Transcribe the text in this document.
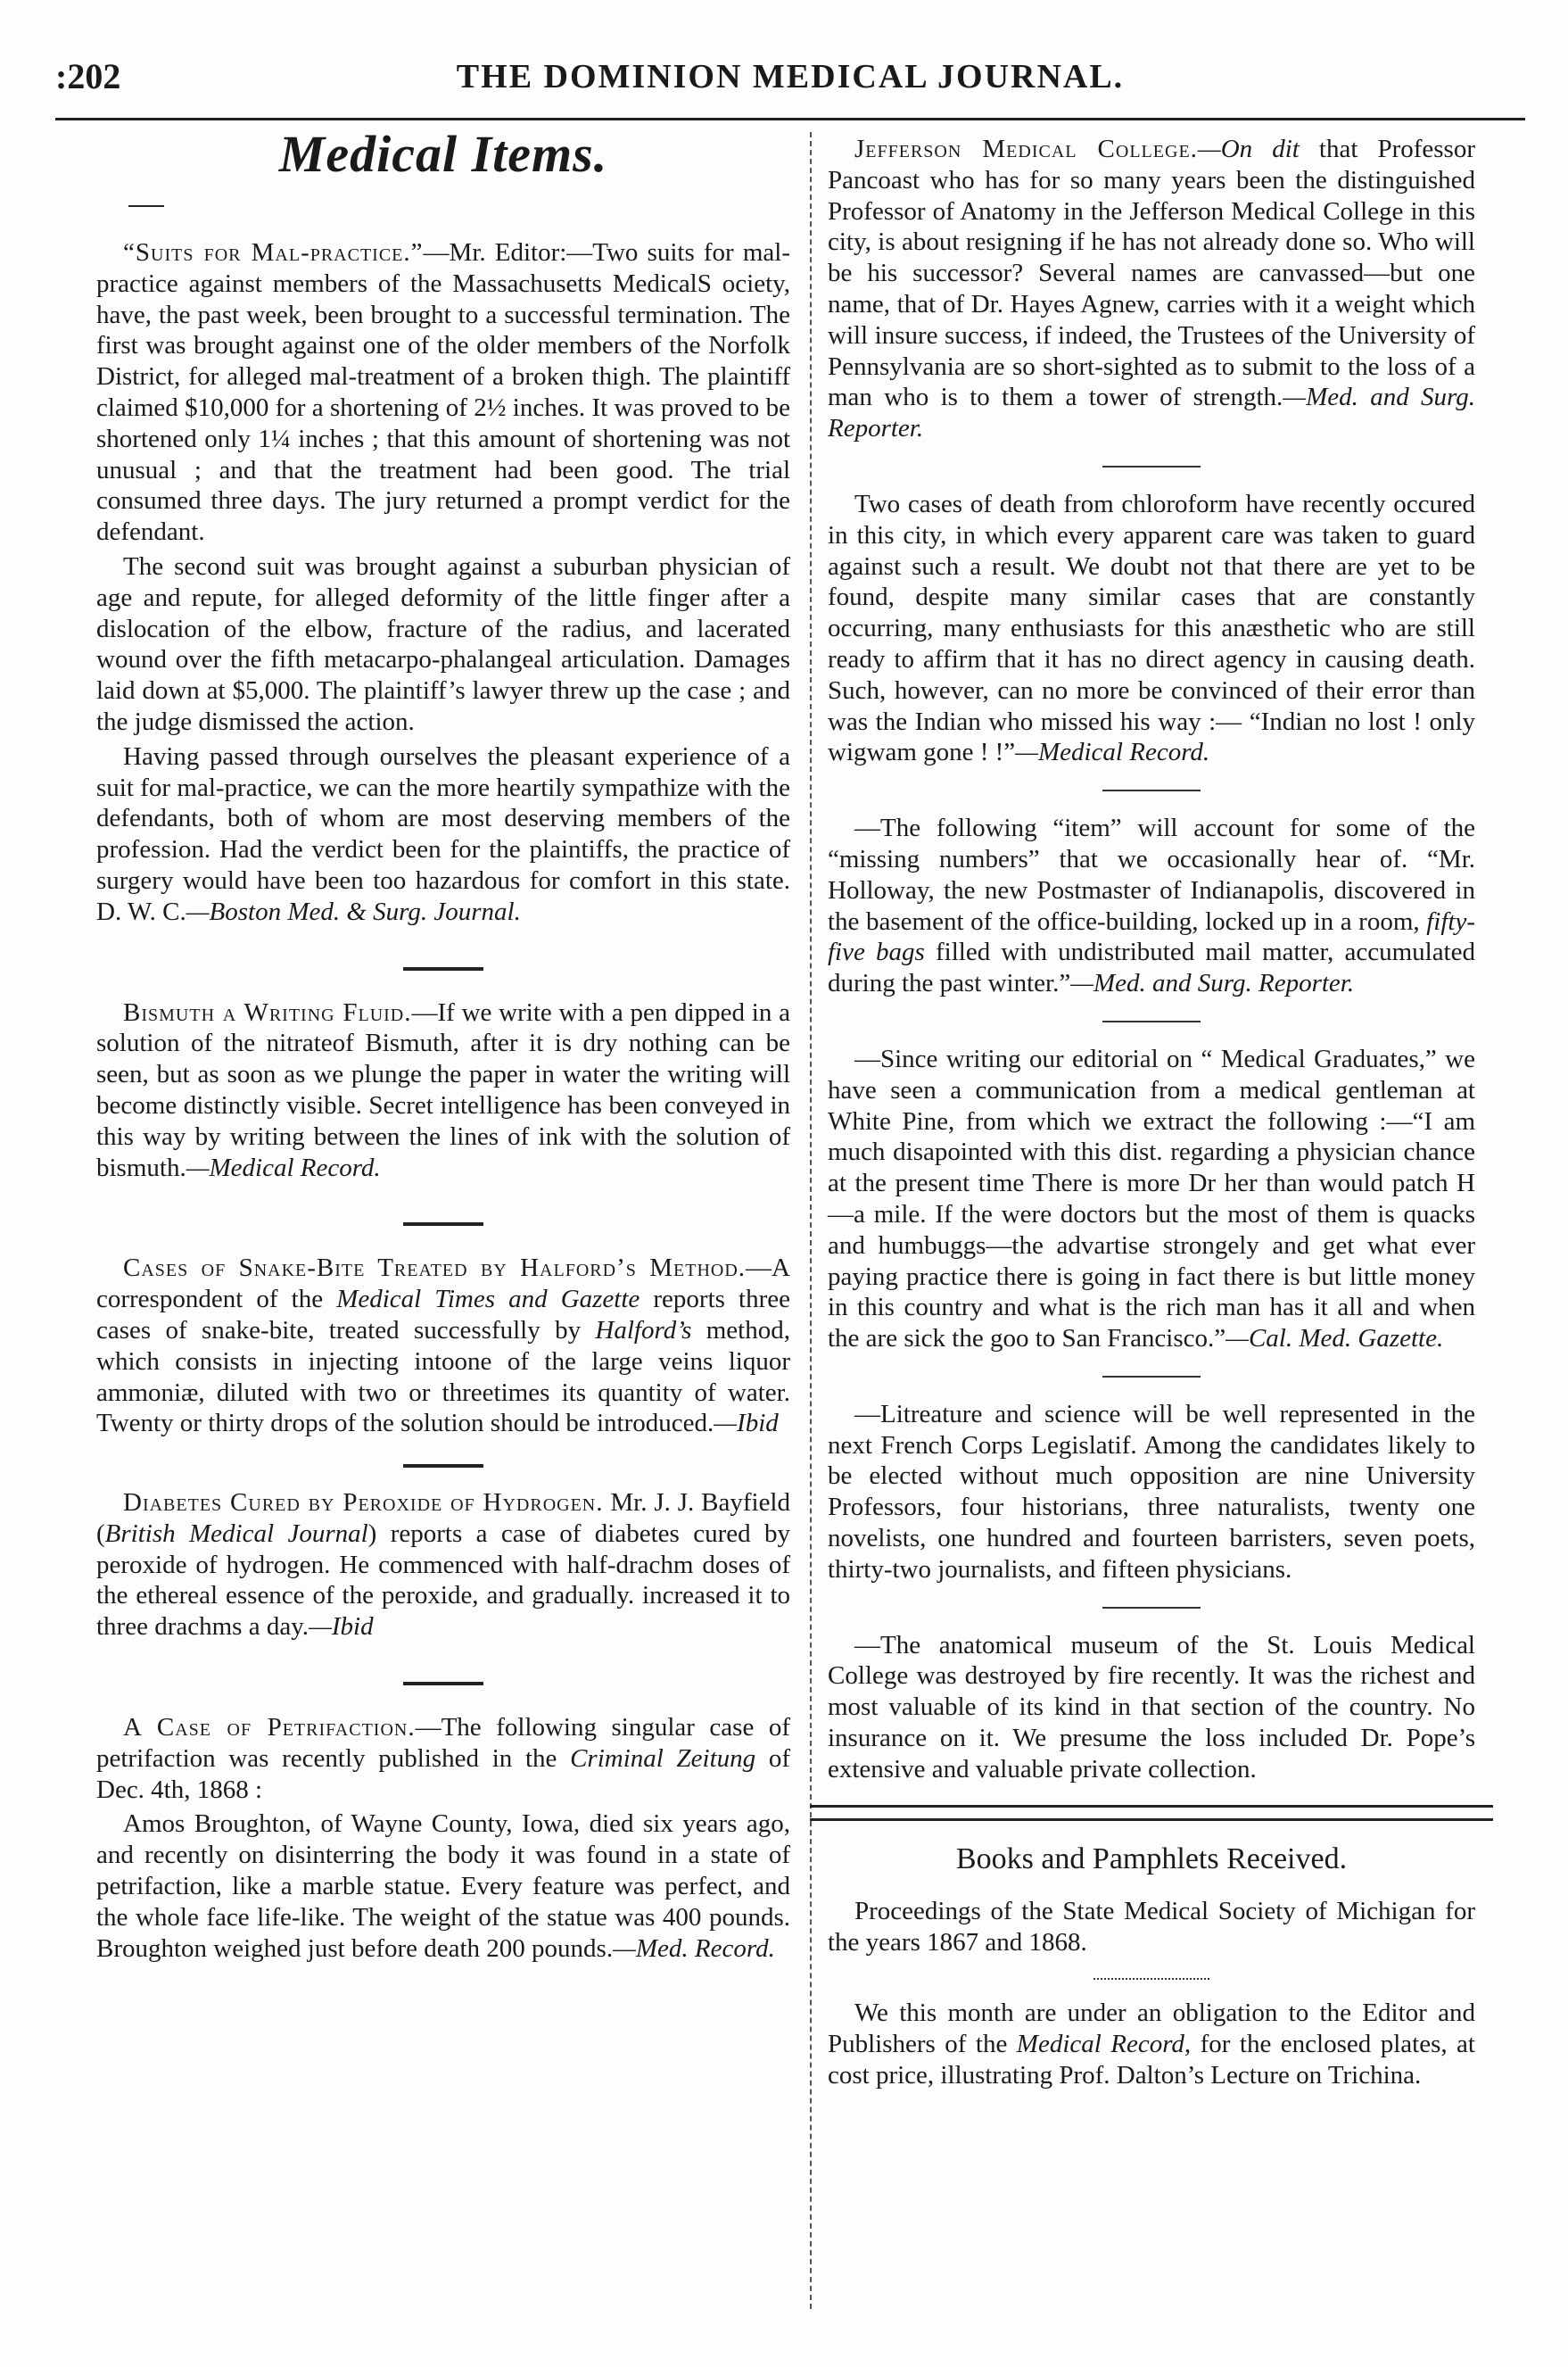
:202	THE DOMINION MEDICAL JOURNAL.
Medical Items.

“Suits for Mal-practice.”—Mr. Editor:—Two suits for mal-practice against members of the Massachusetts MedicalS ociety, have, the past week, been brought to a successful termination. The first was brought against one of the older members of the Norfolk District, for alleged mal-treatment of a broken thigh. The plaintiff claimed $10,000 for a shortening of 2½ inches. It was proved to be shortened only 1¼ inches ; that this amount of shortening was not unusual ; and that the treatment had been good. The trial consumed three days. The jury returned a prompt verdict for the defendant.

The second suit was brought against a suburban physician of age and repute, for alleged deformity of the little finger after a dislocation of the elbow, fracture of the radius, and lacerated wound over the fifth metacarpo-phalangeal articulation. Damages laid down at $5,000. The plaintiff’s lawyer threw up the case ; and the judge dismissed the action.

Having passed through ourselves the pleasant experience of a suit for mal-practice, we can the more heartily sympathize with the defendants, both of whom are most deserving members of the profession. Had the verdict been for the plaintiffs, the practice of surgery would have been too hazardous for comfort in this state. D. W. C.—Boston Med. & Surg. Journal.

Bismuth a Writing Fluid.—If we write with a pen dipped in a solution of the nitrateof Bismuth, after it is dry nothing can be seen, but as soon as we plunge the paper in water the writing will become distinctly visible. Secret intelligence has been conveyed in this way by writing between the lines of ink with the solution of bismuth.—Medical Record.

Cases of Snake-Bite Treated by Halford’s Method.—A correspondent of the Medical Times and Gazette reports three cases of snake-bite, treated successfully by Halford’s method, which consists in injecting intoone of the large veins liquor ammoniæ, diluted with two or threetimes its quantity of water. Twenty or thirty drops of the solution should be introduced.—Ibid

Diabetes Cured by Peroxide of Hydrogen. Mr. J. J. Bayfield (British Medical Journal) reports a case of diabetes cured by peroxide of hydrogen. He commenced with half-drachm doses of the ethereal essence of the peroxide, and gradually. increased it to three drachms a day.—Ibid

A Case of Petrifaction.—The following singular case of petrifaction was recently published in the Criminal Zeitung of Dec. 4th, 1868 :

Amos Broughton, of Wayne County, Iowa, died six years ago, and recently on disinterring the body it was found in a state of petrifaction, like a marble statue. Every feature was perfect, and the whole face life-like. The weight of the statue was 400 pounds. Broughton weighed just before death 200 pounds.—Med. Record.

Jefferson Medical College.—On dit that Professor Pancoast who has for so many years been the distinguished Professor of Anatomy in the Jefferson Medical College in this city, is about resigning if he has not already done so. Who will be his successor? Several names are canvassed—but one name, that of Dr. Hayes Agnew, carries with it a weight which will insure success, if indeed, the Trustees of the University of Pennsylvania are so short-sighted as to submit to the loss of a man who is to them a tower of strength.—Med. and Surg. Reporter.

Two cases of death from chloroform have recently occured in this city, in which every apparent care was taken to guard against such a result. We doubt not that there are yet to be found, despite many similar cases that are constantly occurring, many enthusiasts for this anæsthetic who are still ready to affirm that it has no direct agency in causing death. Such, however, can no more be convinced of their error than was the Indian who missed his way :— “Indian no lost ! only wigwam gone ! !”—Medical Record.

—The following “item” will account for some of the “missing numbers” that we occasionally hear of. “Mr. Holloway, the new Postmaster of Indianapolis, discovered in the basement of the office-building, locked up in a room, fifty-five bags filled with undistributed mail matter, accumulated during the past winter.”—Med. and Surg. Reporter.

—Since writing our editorial on “ Medical Graduates,” we have seen a communication from a medical gentleman at White Pine, from which we extract the following :—“I am much disapointed with this dist. regarding a physician chance at the present time There is more Dr her than would patch H—a mile. If the were doctors but the most of them is quacks and humbuggs—the advartise strongely and get what ever paying practice there is going in fact there is but little money in this country and what is the rich man has it all and when the are sick the goo to San Francisco.”—Cal. Med. Gazette.

—Litreature and science will be well represented in the next French Corps Legislatif. Among the candidates likely to be elected without much opposition are nine University Professors, four historians, three naturalists, twenty one novelists, one hundred and fourteen barristers, seven poets, thirty-two journalists, and fifteen physicians.

—The anatomical museum of the St. Louis Medical College was destroyed by fire recently. It was the richest and most valuable of its kind in that section of the country. No insurance on it. We presume the loss included Dr. Pope’s extensive and valuable private collection.

Books and Pamphlets Received.

Proceedings of the State Medical Society of Michigan for the years 1867 and 1868.

We this month are under an obligation to the Editor and Publishers of the Medical Record, for the enclosed plates, at cost price, illustrating Prof. Dalton’s Lecture on Trichina.
